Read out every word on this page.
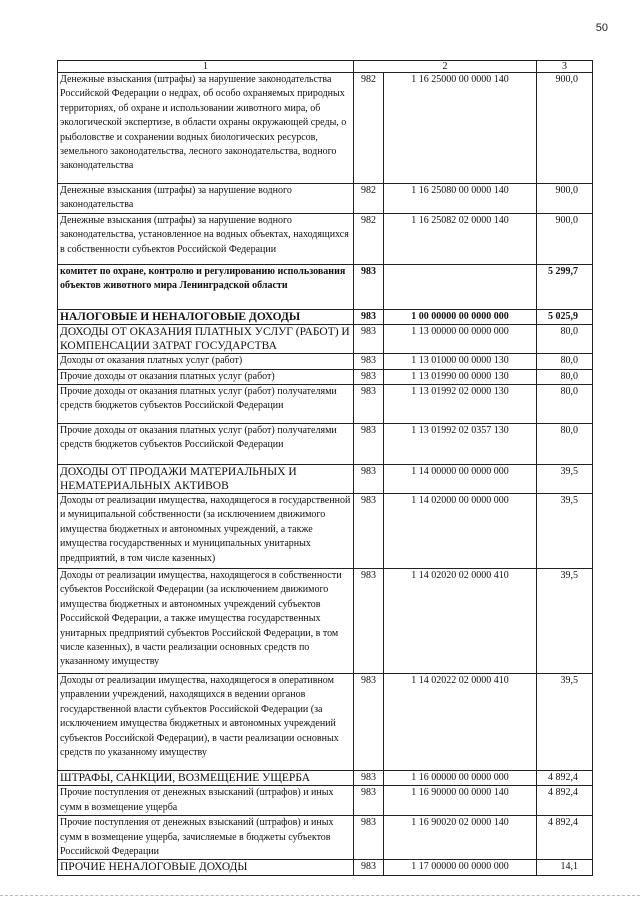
50
1	2		3
Денежные взыскания (штрафы) за нарушение законодательства Российской Федерации о недрах, об особо охраняемых природных территориях, об охране и использовании животного мира, об экологической экспертизе, в области охраны окружающей среды, о рыболовстве и сохранении водных биологических ресурсов, земельного законодательства, лесного законодательства, водного законодательства	982	1 16 25000 00 0000 140	900,0
Денежные взыскания (штрафы) за нарушение водного законодательства	982	1 16 25080 00 0000 140	900,0
Денежные взыскания (штрафы) за нарушение водного законодательства, установленное на водных объектах, находящихся в собственности субъектов Российской Федерации	982	1 16 25082 02 0000 140	900,0
комитет по охране, контролю и регулированию использования объектов животного мира Ленинградской области	983		5 299,7
НАЛОГОВЫЕ И НЕНАЛОГОВЫЕ ДОХОДЫ	983	1 00 00000 00 0000 000	5 025,9
ДОХОДЫ ОТ ОКАЗАНИЯ ПЛАТНЫХ УСЛУГ (РАБОТ) И КОМПЕНСАЦИИ ЗАТРАТ ГОСУДАРСТВА	983	1 13 00000 00 0000 000	80,0
Доходы от оказания платных услуг (работ)	983	1 13 01000 00 0000 130	80,0
Прочие доходы от оказания платных услуг (работ)	983	1 13 01990 00 0000 130	80,0
Прочие доходы от оказания платных услуг (работ) получателями средств бюджетов субъектов Российской Федерации	983	1 13 01992 02 0000 130	80,0
Прочие доходы от оказания платных услуг (работ) получателями средств бюджетов субъектов Российской Федерации	983	1 13 01992 02 0357 130	80,0
ДОХОДЫ ОТ ПРОДАЖИ МАТЕРИАЛЬНЫХ И НЕМАТЕРИАЛЬНЫХ АКТИВОВ	983	1 14 00000 00 0000 000	39,5
Доходы от реализации имущества, находящегося в государственной и муниципальной собственности (за исключением движимого имущества бюджетных и автономных учреждений, а также имущества государственных и муниципальных унитарных предприятий, в том числе казенных)	983	1 14 02000 00 0000 000	39,5
Доходы от реализации имущества, находящегося в собственности субъектов Российской Федерации (за исключением движимого имущества бюджетных и автономных учреждений субъектов Российской Федерации, а также имущества государственных унитарных предприятий субъектов Российской Федерации, в том числе казенных), в части реализации основных средств по указанному имуществу	983	1 14 02020 02 0000 410	39,5
Доходы от реализации имущества, находящегося в оперативном управлении учреждений, находящихся в ведении органов государственной власти субъектов Российской Федерации (за исключением имущества бюджетных и автономных учреждений субъектов Российской Федерации), в части реализации основных средств по указанному имуществу	983	1 14 02022 02 0000 410	39,5
ШТРАФЫ, САНКЦИИ, ВОЗМЕЩЕНИЕ УЩЕРБА	983	1 16 00000 00 0000 000	4 892,4
Прочие поступления от денежных взысканий (штрафов) и иных сумм в возмещение ущерба	983	1 16 90000 00 0000 140	4 892,4
Прочие поступления от денежных взысканий (штрафов) и иных сумм в возмещение ущерба, зачисляемые в бюджеты субъектов Российской Федерации	983	1 16 90020 02 0000 140	4 892,4
ПРОЧИЕ НЕНАЛОГОВЫЕ ДОХОДЫ	983	1 17 00000 00 0000 000	14,1
